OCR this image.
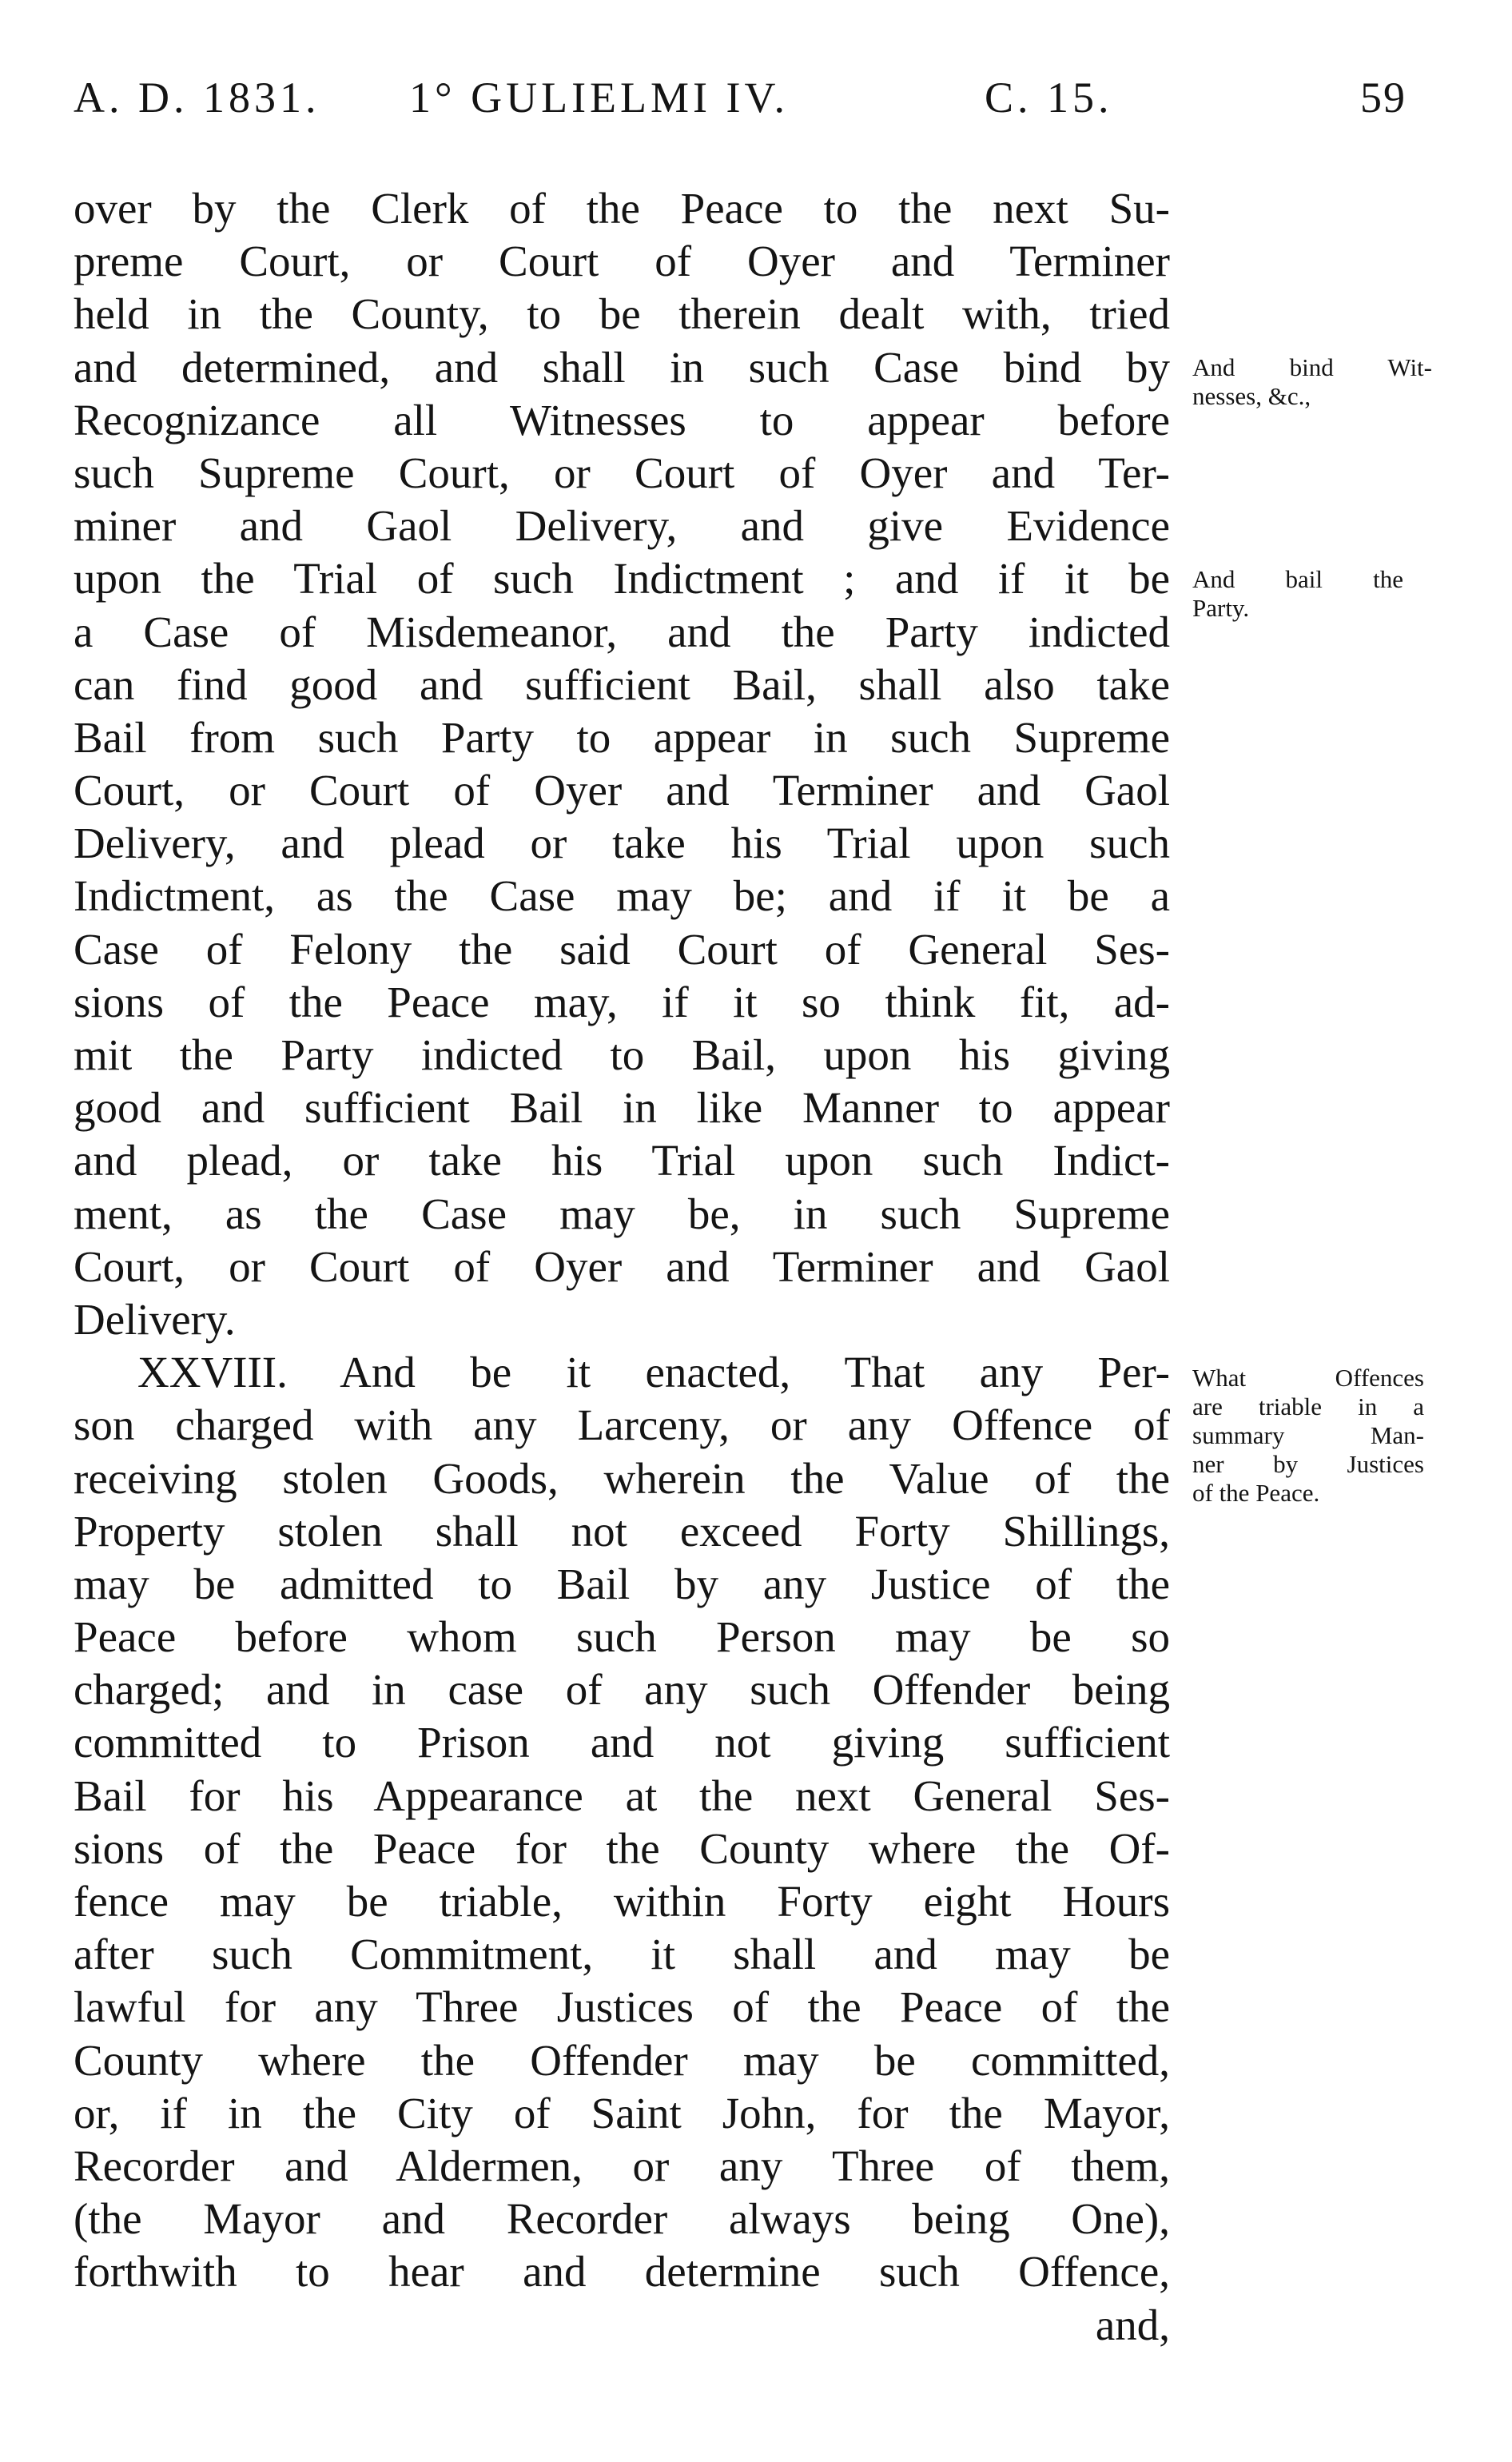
A. D. 1831. 1° GULIELMI IV.	C. 15.	59
over by the Clerk of the Peace to the next Su-
preme Court, or Court of Oyer and Terminer
held in the County, to be therein dealt with, tried
and determined, and shall in such Case bind by
Recognizance all Witnesses to appear before
such Supreme Court, or Court of Oyer and Ter-
miner and Gaol Delivery, and give Evidence
upon the Trial of such Indictment ; and if it be
a Case of Misdemeanor, and the Party indicted
can find good and sufficient Bail, shall also take
Bail from such Party to appear in such Supreme
Court, or Court of Oyer and Terminer and Gaol
Delivery, and plead or take his Trial upon such
Indictment, as the Case may be; and if it be a
Case of Felony the said Court of General Ses-
sions of the Peace may, if it so think fit, ad-
mit the Party indicted to Bail, upon his giving
good and sufficient Bail in like Manner to appear
and plead, or take his Trial upon such Indict-
ment, as the Case may be, in such Supreme
Court, or Court of Oyer and Terminer and Gaol
Delivery.
XXVIII. And be it enacted, That any Per-
son charged with any Larceny, or any Offence of
receiving stolen Goods, wherein the Value of the
Property stolen shall not exceed Forty Shillings,
may be admitted to Bail by any Justice of the
Peace before whom such Person may be so
charged; and in case of any such Offender being
committed to Prison and not giving sufficient
Bail for his Appearance at the next General Ses-
sions of the Peace for the County where the Of-
fence may be triable, within Forty eight Hours
after such Commitment, it shall and may be
lawful for any Three Justices of the Peace of the
County where the Offender may be committed,
or, if in the City of Saint John, for the Mayor,
Recorder and Aldermen, or any Three of them,
(the Mayor and Recorder always being One),
forthwith to hear and determine such Offence,
and,
And bind Wit-
nesses, &c.,
And bail the
Party.
What Offences
are triable in a
summary Man-
ner by Justices
of the Peace.
